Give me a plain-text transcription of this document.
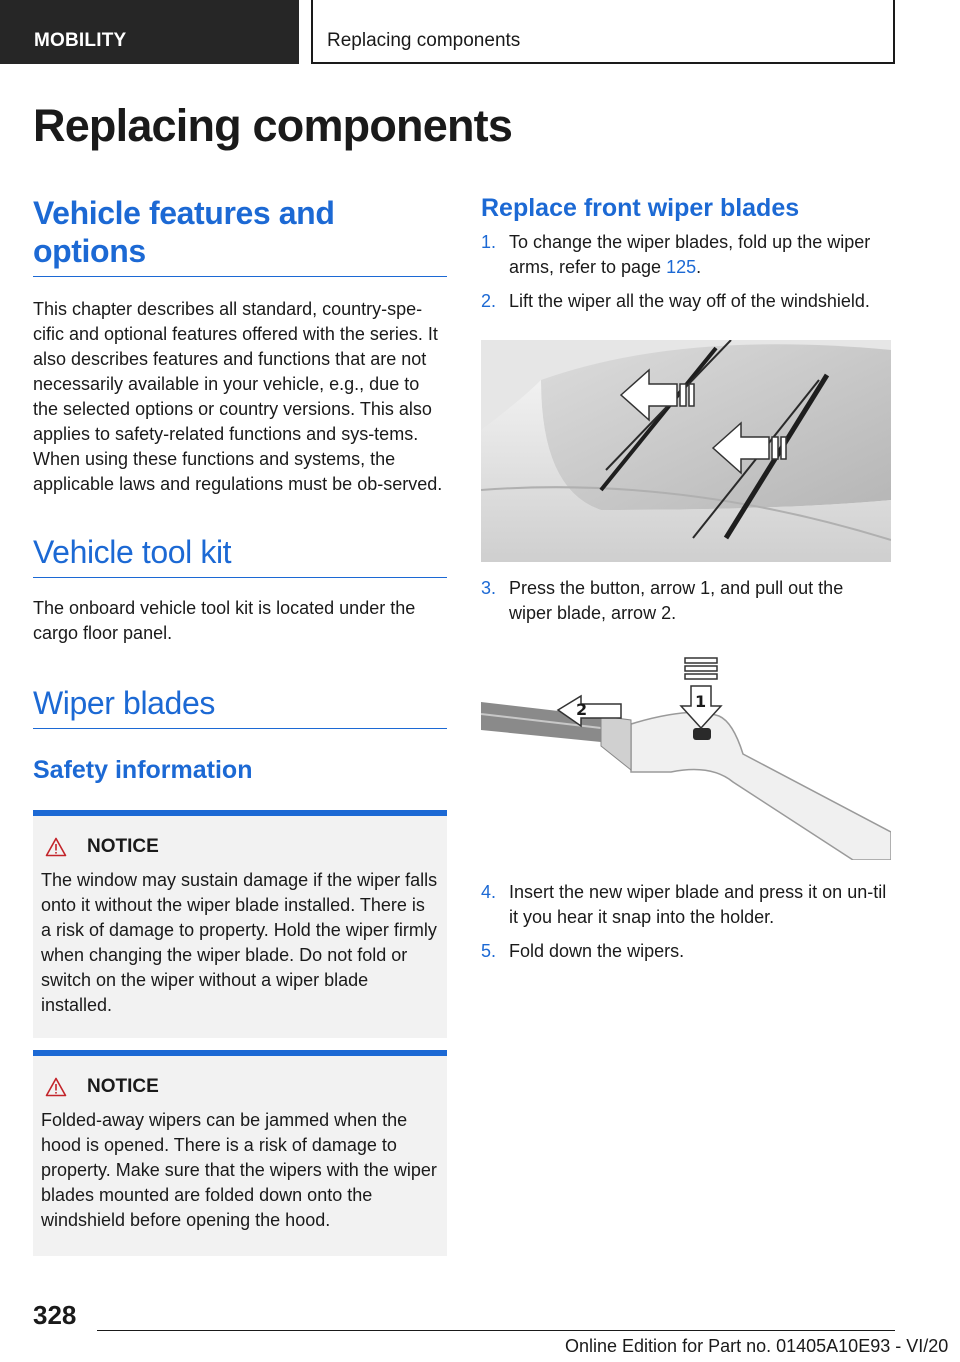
MOBILITY	Replacing components
Replacing components
Vehicle features and options

This chapter describes all standard, country-spe-cific and optional features offered with the series. It also describes features and functions that are not necessarily available in your vehicle, e.g., due to the selected options or country versions. This also applies to safety-related functions and sys-tems. When using these functions and systems, the applicable laws and regulations must be ob-served.

Vehicle tool kit

The onboard vehicle tool kit is located under the cargo floor panel.

Wiper blades
Safety information
NOTICE

The window may sustain damage if the wiper falls onto it without the wiper blade installed. There is a risk of damage to property. Hold the wiper firmly when changing the wiper blade. Do not fold or switch on the wiper without a wiper blade installed.

NOTICE

Folded-away wipers can be jammed when the hood is opened. There is a risk of damage to property. Make sure that the wipers with the wiper blades mounted are folded down onto the windshield before opening the hood.

Replace front wiper blades
1. To change the wiper blades, fold up the wiper arms, refer to page 125.
2. Lift the wiper all the way off of the windshield.
3. Press the button, arrow 1, and pull out the wiper blade, arrow 2.
2	1
4. Insert the new wiper blade and press it on un-til it you hear it snap into the holder.
5. Fold down the wipers.

328

Online Edition for Part no. 01405A10E93 - VI/20
